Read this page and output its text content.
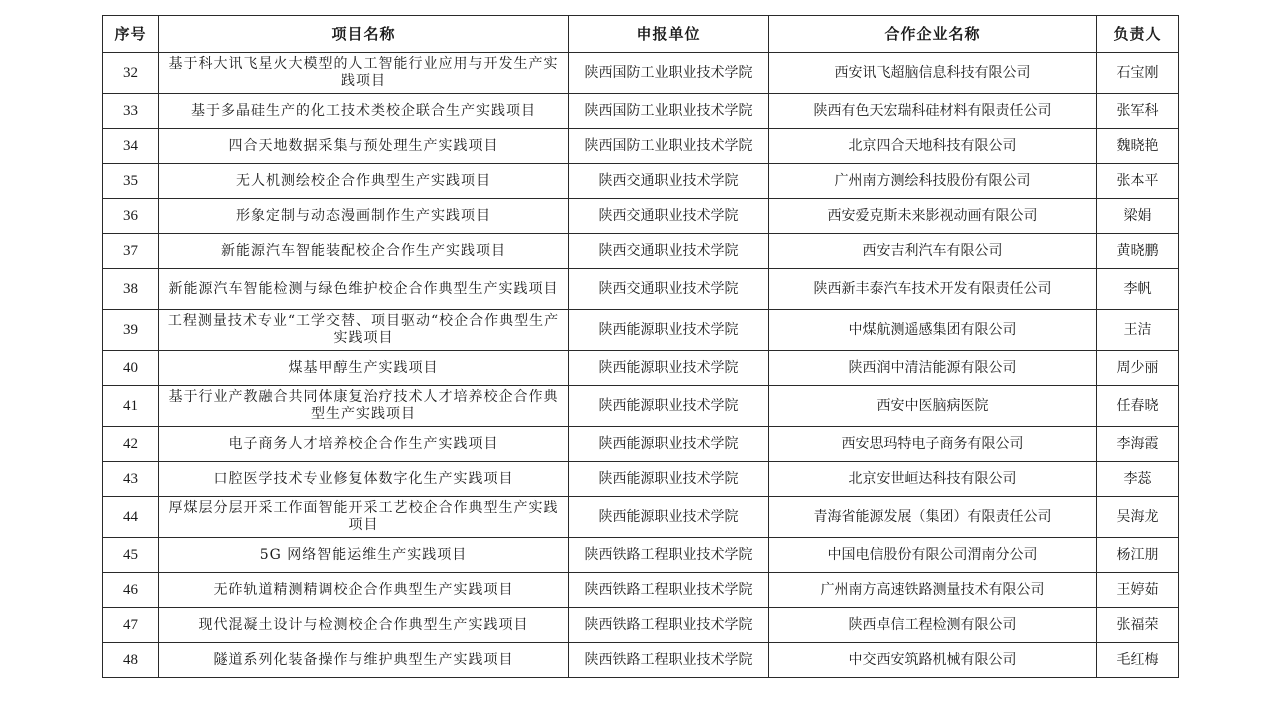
序号	项目名称	申报单位	合作企业名称	负责人
32	基于科大讯飞星火大模型的人工智能行业应用与开发生产实践项目	陕西国防工业职业技术学院	西安讯飞超脑信息科技有限公司	石宝刚
33	基于多晶硅生产的化工技术类校企联合生产实践项目	陕西国防工业职业技术学院	陕西有色天宏瑞科硅材料有限责任公司	张军科
34	四合天地数据采集与预处理生产实践项目	陕西国防工业职业技术学院	北京四合天地科技有限公司	魏晓艳
35	无人机测绘校企合作典型生产实践项目	陕西交通职业技术学院	广州南方测绘科技股份有限公司	张本平
36	形象定制与动态漫画制作生产实践项目	陕西交通职业技术学院	西安爱克斯未来影视动画有限公司	梁娟
37	新能源汽车智能装配校企合作生产实践项目	陕西交通职业技术学院	西安吉利汽车有限公司	黄晓鹏
38	新能源汽车智能检测与绿色维护校企合作典型生产实践项目	陕西交通职业技术学院	陕西新丰泰汽车技术开发有限责任公司	李帆
39	工程测量技术专业“工学交替、项目驱动“校企合作典型生产实践项目	陕西能源职业技术学院	中煤航测遥感集团有限公司	王洁
40	煤基甲醇生产实践项目	陕西能源职业技术学院	陕西润中清洁能源有限公司	周少丽
41	基于行业产教融合共同体康复治疗技术人才培养校企合作典型生产实践项目	陕西能源职业技术学院	西安中医脑病医院	任春晓
42	电子商务人才培养校企合作生产实践项目	陕西能源职业技术学院	西安思玛特电子商务有限公司	李海霞
43	口腔医学技术专业修复体数字化生产实践项目	陕西能源职业技术学院	北京安世峘达科技有限公司	李蕊
44	厚煤层分层开采工作面智能开采工艺校企合作典型生产实践项目	陕西能源职业技术学院	青海省能源发展（集团）有限责任公司	吴海龙
45	5G 网络智能运维生产实践项目	陕西铁路工程职业技术学院	中国电信股份有限公司渭南分公司	杨江朋
46	无砟轨道精测精调校企合作典型生产实践项目	陕西铁路工程职业技术学院	广州南方高速铁路测量技术有限公司	王婷茹
47	现代混凝土设计与检测校企合作典型生产实践项目	陕西铁路工程职业技术学院	陕西卓信工程检测有限公司	张福荣
48	隧道系列化装备操作与维护典型生产实践项目	陕西铁路工程职业技术学院	中交西安筑路机械有限公司	毛红梅
